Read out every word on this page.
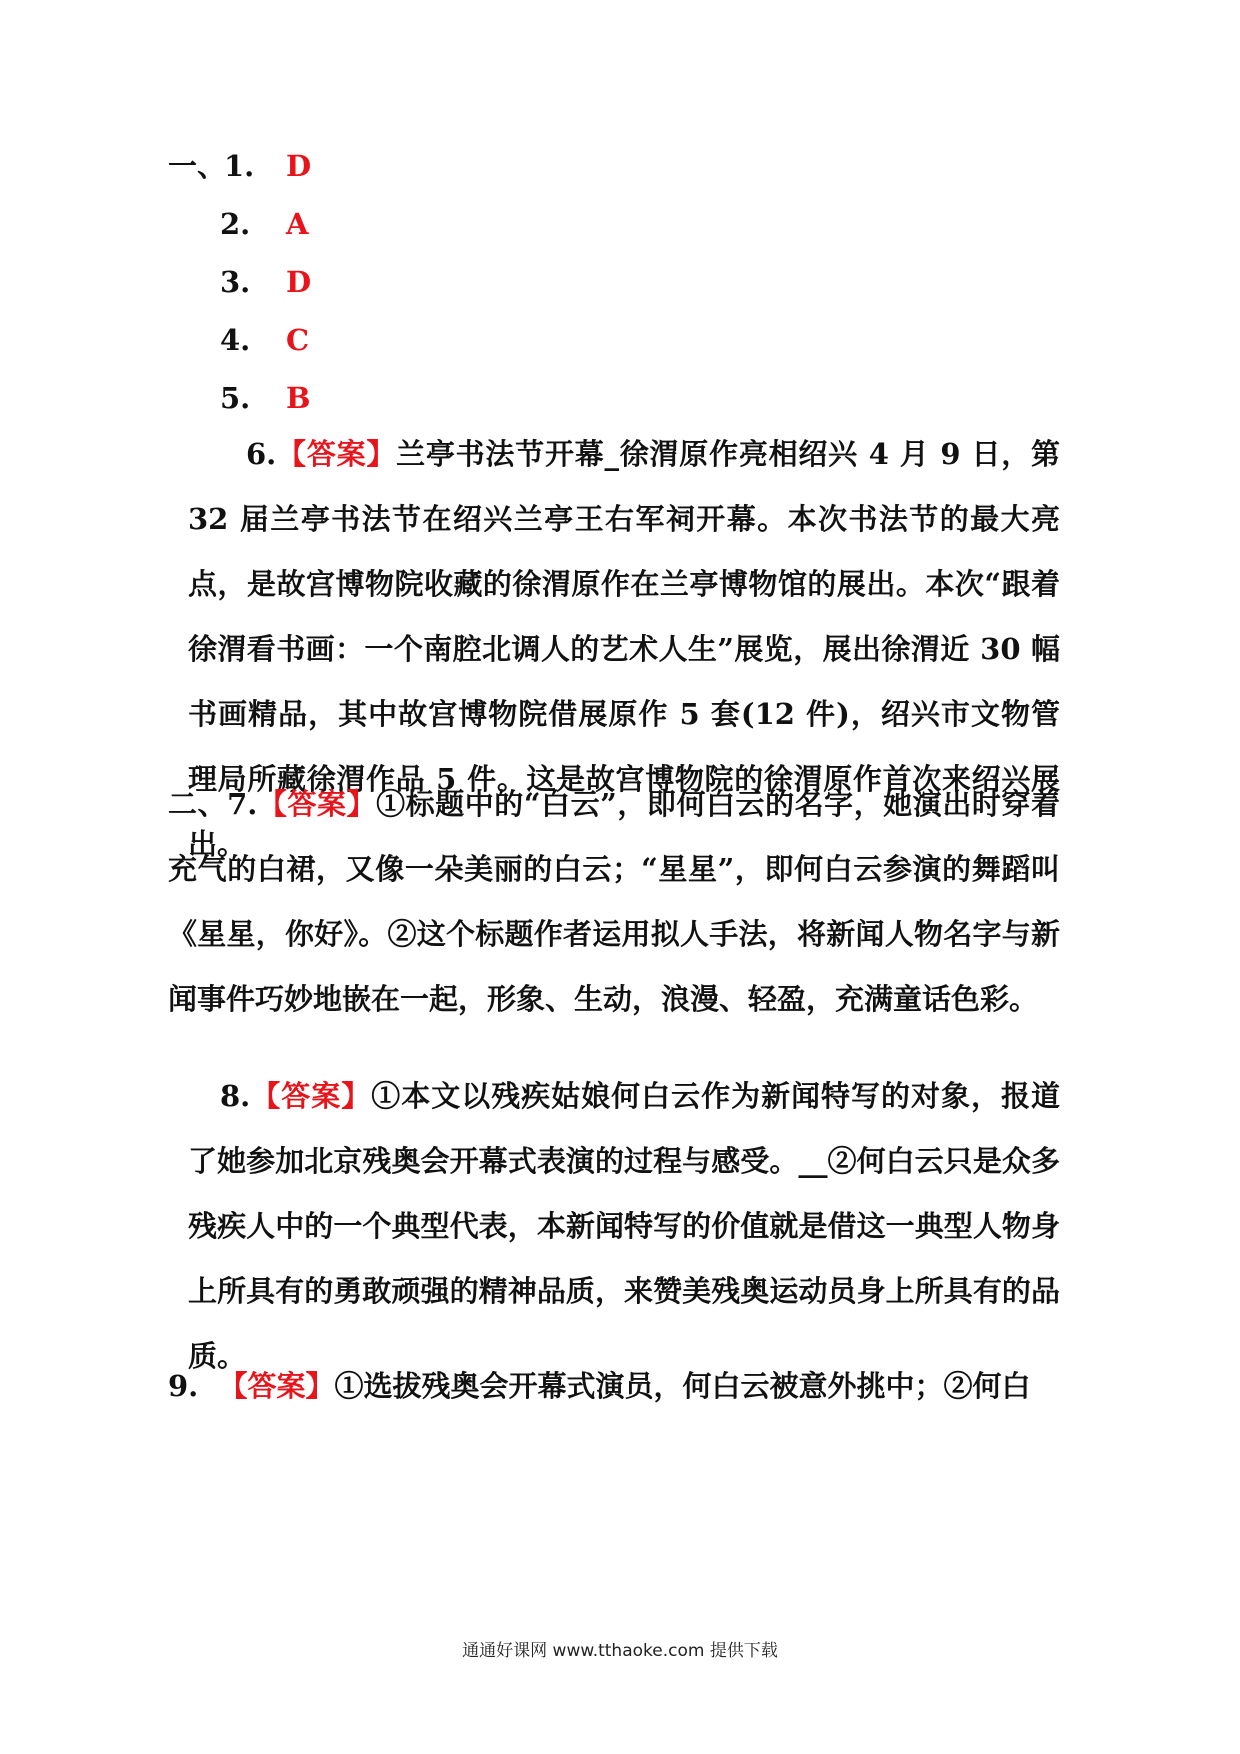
一、1. D
2. A
3. D
4. C
5. B
6.【答案】兰亭书法节开幕_徐渭原作亮相绍兴 4 月 9 日，第 32 届兰亭书法节在绍兴兰亭王右军祠开幕。本次书法节的最大亮点，是故宫博物院收藏的徐渭原作在兰亭博物馆的展出。本次“跟着徐渭看书画：一个南腔北调人的艺术人生”展览，展出徐渭近 30 幅书画精品，其中故宫博物院借展原作 5 套(12 件)，绍兴市文物管理局所藏徐渭作品 5 件。这是故宫博物院的徐渭原作首次来绍兴展出。
二、7.【答案】①标题中的“白云”，即何白云的名字，她演出时穿着充气的白裙，又像一朵美丽的白云；“星星”，即何白云参演的舞蹈叫《星星，你好》。②这个标题作者运用拟人手法，将新闻人物名字与新闻事件巧妙地嵌在一起，形象、生动，浪漫、轻盈，充满童话色彩。
8.【答案】①本文以残疾姑娘何白云作为新闻特写的对象，报道了她参加北京残奥会开幕式表演的过程与感受。__②何白云只是众多残疾人中的一个典型代表，本新闻特写的价值就是借这一典型人物身上所具有的勇敢顽强的精神品质，来赞美残奥运动员身上所具有的品质。
9. 【答案】①选拔残奥会开幕式演员，何白云被意外挑中；②何白
通通好课网 www.tthaoke.com 提供下载
